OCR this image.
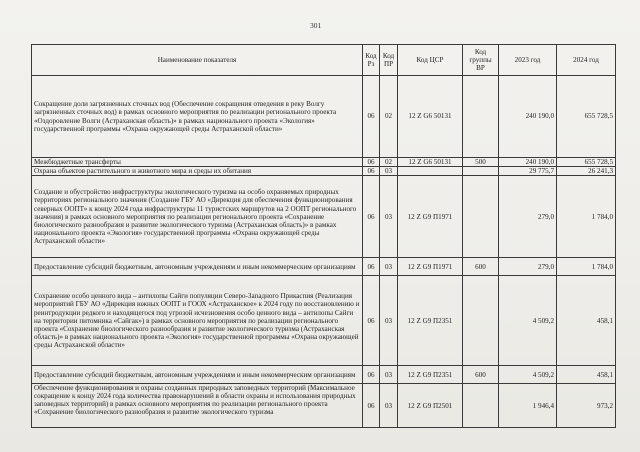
301
Наименование показателя	Код Рз	Код ПР	Код ЦСР	Код группы ВР	2023 год	2024 год
Сокращение доли загрязненных сточных вод (Обеспечение сокращения отведения в реку Волгу загрязненных сточных вод) в рамках основного мероприятия по реализации регионального проекта «Оздоровление Волги (Астраханская область)» в рамках национального проекта «Экология» государственной программы «Охрана окружающей среды Астраханской области»	06	02	12 Z G6 50131		240 190,0	655 728,5
Межбюджетные трансферты	06	02	12 Z G6 50131	500	240 190,0	655 728,5
Охрана объектов растительного и животного мира и среды их обитания	06	03			29 775,7	26 241,3
Создание и обустройство инфраструктуры экологического туризма на особо охраняемых природных территориях регионального значения (Создание ГБУ АО «Дирекция для обеспечения функционирования северных ООПТ» к концу 2024 года инфраструктуры 11 туристских маршрутов на 2 ООПТ регионального значения) в рамках основного мероприятия по реализации регионального проекта «Сохранение биологического разнообразия и развитие экологического туризма (Астраханская область)» в рамках национального проекта «Экология» государственной программы «Охрана окружающей среды Астраханской области»	06	03	12 Z G9 П1971		279,0	1 784,0
Предоставление субсидий бюджетным, автономным учреждениям и иным некоммерческим организациям	06	03	12 Z G9 П1971	600	279,0	1 784,0
Сохранение особо ценного вида – антилопы Сайги популяции Северо-Западного Прикаспия (Реализация мероприятий ГБУ АО «Дирекция южных ООПТ и ГООХ «Астраханское» к 2024 году по восстановлению и реинтродукции редкого и находящегося под угрозой исчезновения особо ценного вида – антилопы Сайги на территории питомника «Сайгак») в рамках основного мероприятия по реализации регионального проекта «Сохранение биологического разнообразия и развитие экологического туризма (Астраханская область)» в рамках национального проекта «Экология» государственной программы «Охрана окружающей среды Астраханской области»	06	03	12 Z G9 П2351		4 509,2	458,1
Предоставление субсидий бюджетным, автономным учреждениям и иным некоммерческим организациям	06	03	12 Z G9 П2351	600	4 509,2	458,1
Обеспечение функционирования и охраны созданных природных заповедных территорий (Максимальное сокращение к концу 2024 года количества правонарушений в области охраны и использования природных заповедных территорий) в рамках основного мероприятия по реализации регионального проекта «Сохранение биологического разнообразия и развитие экологического туризма	06	03	12 Z G9 П2501		1 946,4	973,2
